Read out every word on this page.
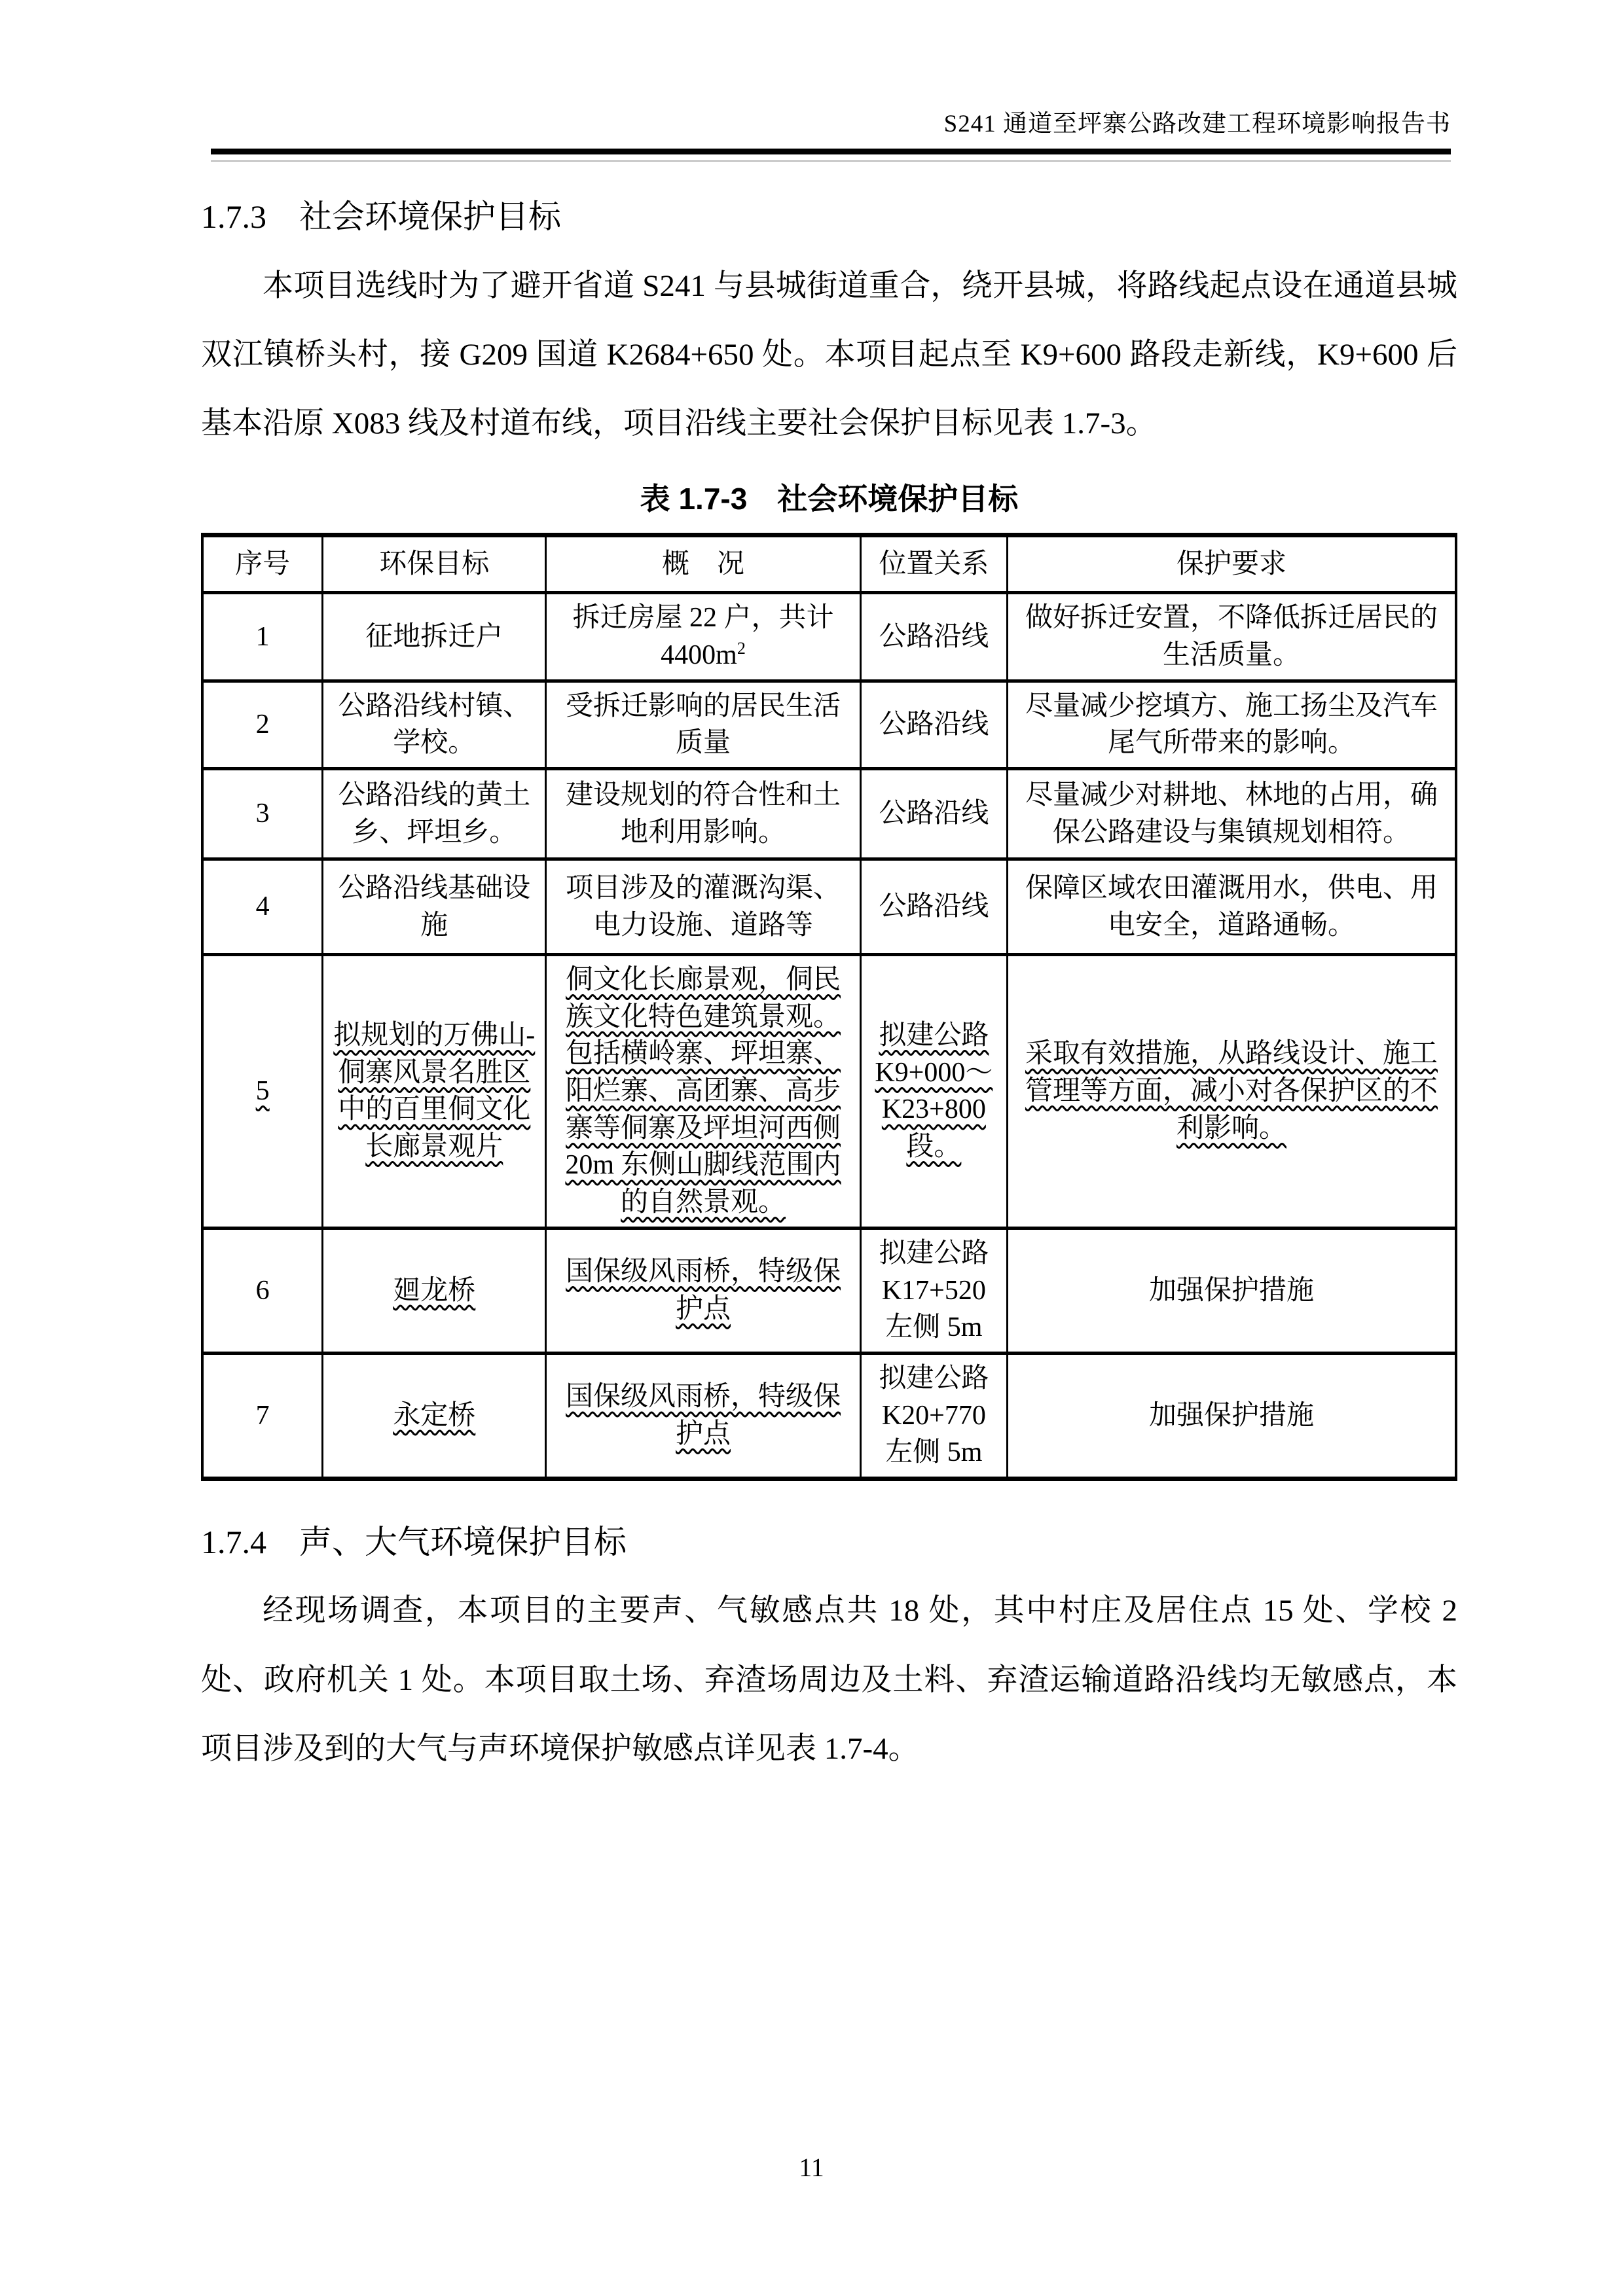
S241 通道至坪寨公路改建工程环境影响报告书
1.7.3　社会环境保护目标

本项目选线时为了避开省道 S241 与县城街道重合，绕开县城，将路线起点设在通道县城双江镇桥头村，接 G209 国道 K2684+650 处。本项目起点至 K9+600 路段走新线，K9+600 后基本沿原 X083 线及村道布线，项目沿线主要社会保护目标见表 1.7-3。

表 1.7-3　社会环境保护目标
序号	环保目标	概　况	位置关系	保护要求
1	征地拆迁户	拆迁房屋 22 户，共计 $4400m^2$	公路沿线	做好拆迁安置，不降低拆迁居民的生活质量。
2	公路沿线村镇、学校。	受拆迁影响的居民生活质量	公路沿线	尽量减少挖填方、施工扬尘及汽车尾气所带来的影响。
3	公路沿线的黄土乡、坪坦乡。	建设规划的符合性和土地利用影响。	公路沿线	尽量减少对耕地、林地的占用，确保公路建设与集镇规划相符。
4	公路沿线基础设施	项目涉及的灌溉沟渠、电力设施、道路等	公路沿线	保障区域农田灌溉用水，供电、用电安全，道路通畅。
5	拟规划的万佛山-侗寨风景名胜区中的百里侗文化长廊景观片	侗文化长廊景观，侗民族文化特色建筑景观。包括横岭寨、坪坦寨、阳烂寨、高团寨、高步寨等侗寨及坪坦河西侧 20m 东侧山脚线范围内的自然景观。	拟建公路K9+000～K23+800段。	采取有效措施，从路线设计、施工管理等方面，减小对各保护区的不利影响。
6	廻龙桥	国保级风雨桥，特级保护点	拟建公路K17+520左侧 5m	加强保护措施
7	永定桥	国保级风雨桥，特级保护点	拟建公路K20+770左侧 5m	加强保护措施
1.7.4　声、大气环境保护目标

经现场调查，本项目的主要声、气敏感点共 18 处，其中村庄及居住点 15 处、学校 2 处、政府机关 1 处。本项目取土场、弃渣场周边及土料、弃渣运输道路沿线均无敏感点，本项目涉及到的大气与声环境保护敏感点详见表 1.7-4。

11
